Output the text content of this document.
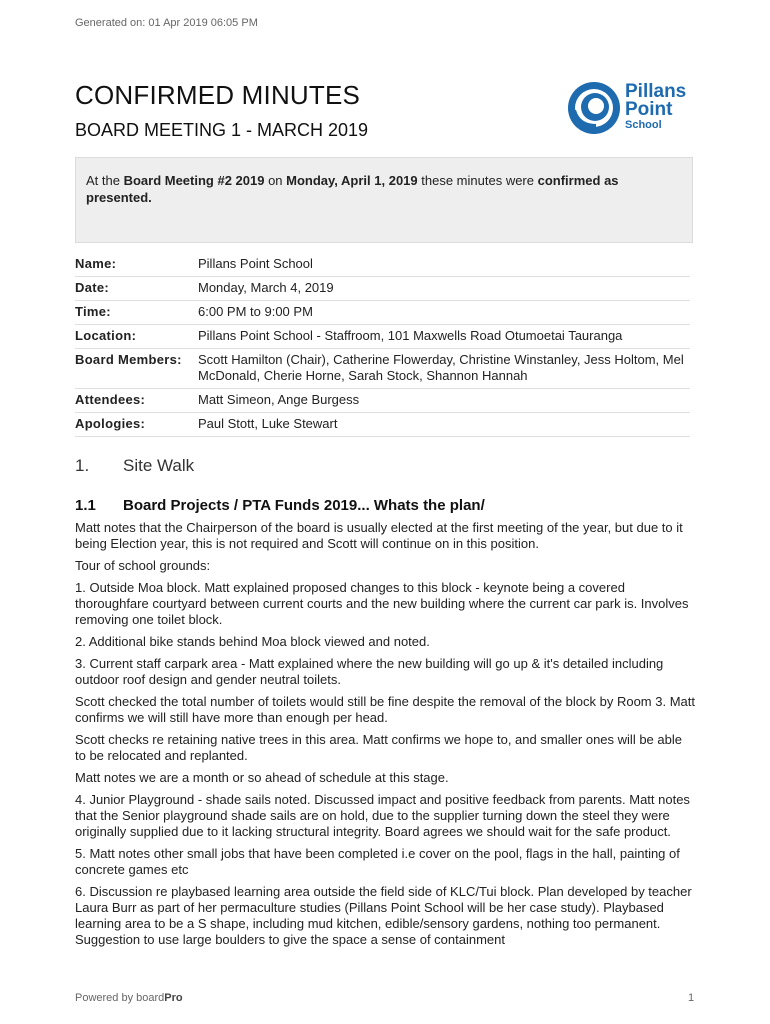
Generated on: 01 Apr 2019 06:05 PM
CONFIRMED MINUTES
BOARD MEETING 1 - MARCH 2019
Pillans
Point
School
At the Board Meeting #2 2019 on Monday, April 1, 2019 these minutes were confirmed as presented.
Name:	Pillans Point School
Date:	Monday, March 4, 2019
Time:	6:00 PM to 9:00 PM
Location:	Pillans Point School - Staffroom, 101 Maxwells Road Otumoetai Tauranga
Board Members:	Scott Hamilton (Chair), Catherine Flowerday, Christine Winstanley, Jess Holtom, Mel McDonald, Cherie Horne, Sarah Stock, Shannon Hannah
Attendees:	Matt Simeon, Ange Burgess
Apologies:	Paul Stott, Luke Stewart
1. Site Walk
1.1 Board Projects / PTA Funds 2019... Whats the plan/

Matt notes that the Chairperson of the board is usually elected at the first meeting of the year, but due to it being Election year, this is not required and Scott will continue on in this position.

Tour of school grounds:

1. Outside Moa block. Matt explained proposed changes to this block - keynote being a covered thoroughfare courtyard between current courts and the new building where the current car park is. Involves removing one toilet block.

2. Additional bike stands behind Moa block viewed and noted.

3. Current staff carpark area - Matt explained where the new building will go up & it's detailed including outdoor roof design and gender neutral toilets.

Scott checked the total number of toilets would still be fine despite the removal of the block by Room 3. Matt confirms we will still have more than enough per head.

Scott checks re retaining native trees in this area. Matt confirms we hope to, and smaller ones will be able to be relocated and replanted.

Matt notes we are a month or so ahead of schedule at this stage.

4. Junior Playground - shade sails noted. Discussed impact and positive feedback from parents. Matt notes that the Senior playground shade sails are on hold, due to the supplier turning down the steel they were originally supplied due to it lacking structural integrity. Board agrees we should wait for the safe product.

5. Matt notes other small jobs that have been completed i.e cover on the pool, flags in the hall, painting of concrete games etc

6. Discussion re playbased learning area outside the field side of KLC/Tui block. Plan developed by teacher Laura Burr as part of her permaculture studies (Pillans Point School will be her case study). Playbased learning area to be a S shape, including mud kitchen, edible/sensory gardens, nothing too permanent. Suggestion to use large boulders to give the space a sense of containment

Powered by boardPro	1
